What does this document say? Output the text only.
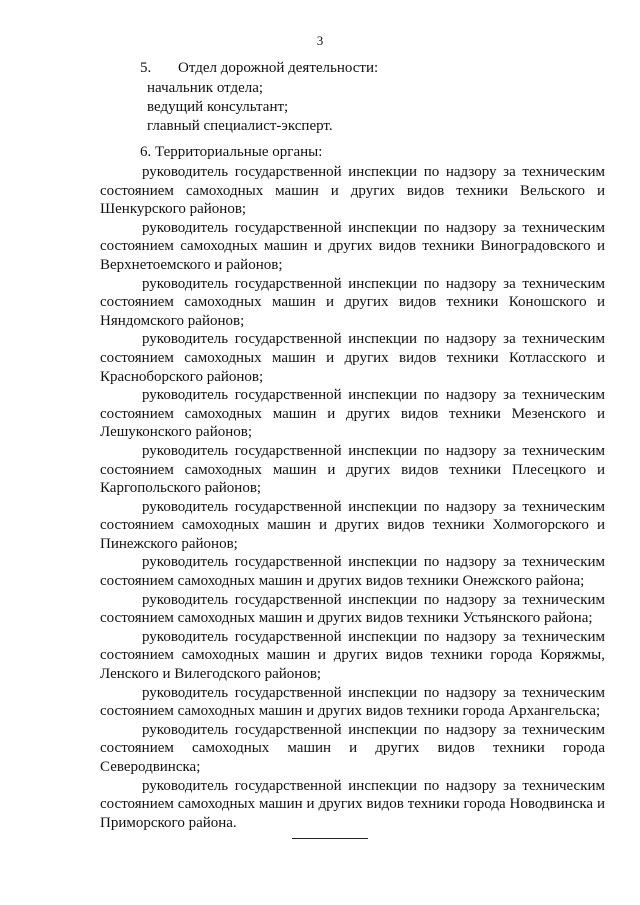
3
5. Отдел дорожной деятельности:
начальник отдела;
ведущий консультант;
главный специалист-эксперт.
6. Территориальные органы:

руководитель государственной инспекции по надзору за техническим состоянием самоходных машин и других видов техники Вельского и Шенкурского районов;

руководитель государственной инспекции по надзору за техническим состоянием самоходных машин и других видов техники Виноградовского и Верхнетоемского и районов;

руководитель государственной инспекции по надзору за техническим состоянием самоходных машин и других видов техники Коношского и Няндомского районов;

руководитель государственной инспекции по надзору за техническим состоянием самоходных машин и других видов техники Котласского и Красноборского районов;

руководитель государственной инспекции по надзору за техническим состоянием самоходных машин и других видов техники Мезенского и Лешуконского районов;

руководитель государственной инспекции по надзору за техническим состоянием самоходных машин и других видов техники Плесецкого и Каргопольского районов;

руководитель государственной инспекции по надзору за техническим состоянием самоходных машин и других видов техники Холмогорского и Пинежского районов;

руководитель государственной инспекции по надзору за техническим состоянием самоходных машин и других видов техники Онежского района;

руководитель государственной инспекции по надзору за техническим состоянием самоходных машин и других видов техники Устьянского района;

руководитель государственной инспекции по надзору за техническим состоянием самоходных машин и других видов техники города Коряжмы, Ленского и Вилегодского районов;

руководитель государственной инспекции по надзору за техническим состоянием самоходных машин и других видов техники города Архангельска;

руководитель государственной инспекции по надзору за техническим состоянием самоходных машин и других видов техники города Северодвинска;

руководитель государственной инспекции по надзору за техническим состоянием самоходных машин и других видов техники города Новодвинска и Приморского района.
